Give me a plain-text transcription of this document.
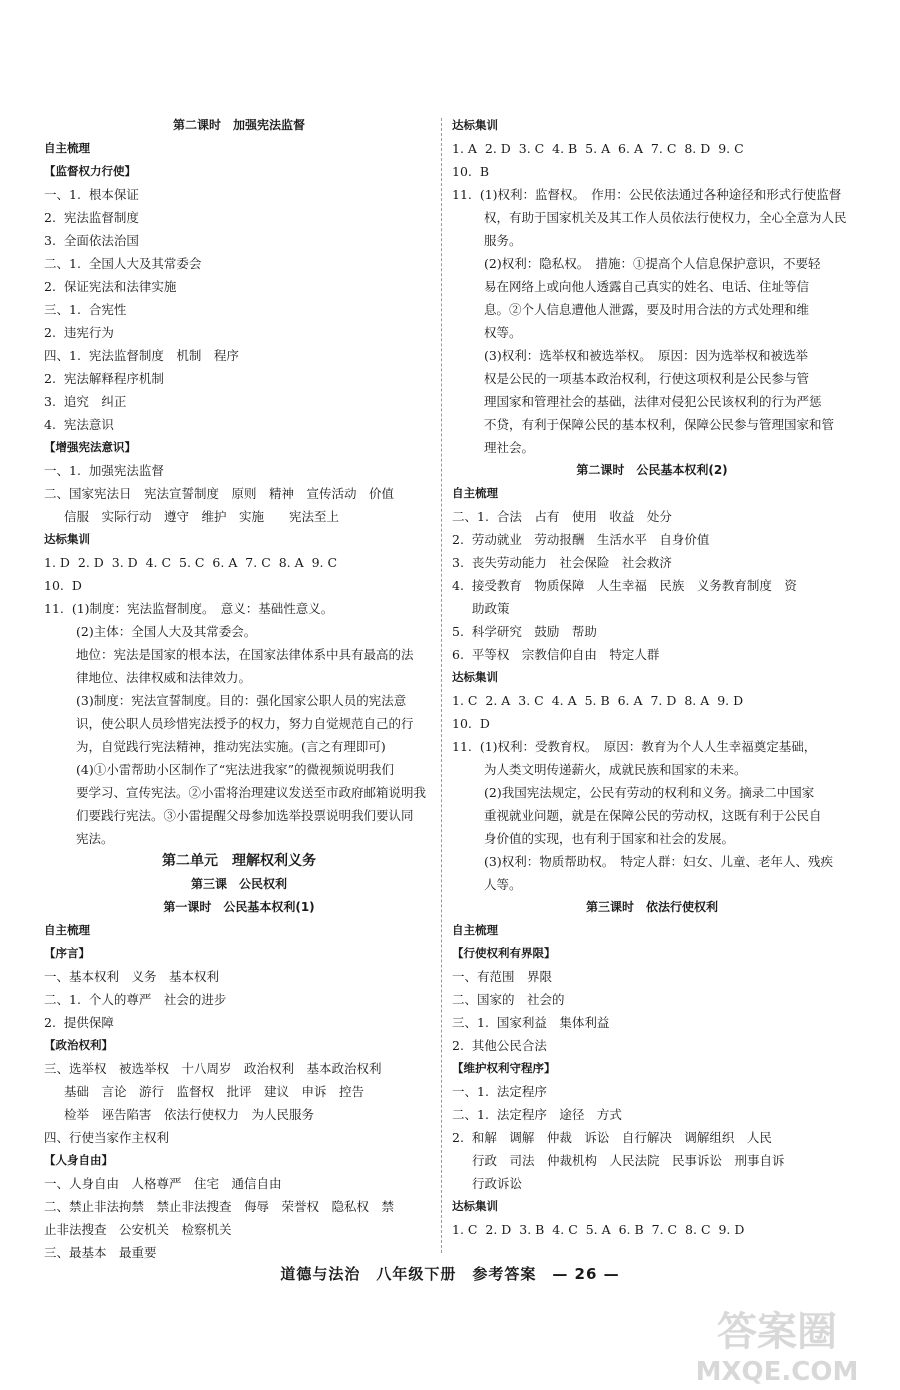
第二课时　加强宪法监督
自主梳理
【监督权力行使】
一、1.  根本保证
2.  宪法监督制度
3.  全面依法治国
二、1.  全国人大及其常委会
2.  保证宪法和法律实施
三、1.  合宪性
2.  违宪行为
四、1.  宪法监督制度　机制　程序
2.  宪法解释程序机制
3.  追究　纠正
4.  宪法意识
【增强宪法意识】
一、1.  加强宪法监督
二、国家宪法日　宪法宣誓制度　原则　精神　宣传活动　价值
信服　实际行动　遵守　维护　实施　　宪法至上
达标集训
1. D  2. D  3. D  4. C  5. C  6. A  7. C  8. A  9. C
10.  D
11.  (1)制度：宪法监督制度。　意义：基础性意义。
(2)主体：全国人大及其常委会。
地位：宪法是国家的根本法，在国家法律体系中具有最高的法
律地位、法律权威和法律效力。
(3)制度：宪法宣誓制度。目的：强化国家公职人员的宪法意
识，使公职人员珍惜宪法授予的权力，努力自觉规范自己的行
为，自觉践行宪法精神，推动宪法实施。(言之有理即可)
(4)①小雷帮助小区制作了“宪法进我家”的微视频说明我们
要学习、宣传宪法。②小雷将治理建议发送至市政府邮箱说明我
们要践行宪法。③小雷提醒父母参加选举投票说明我们要认同
宪法。
第二单元　理解权利义务
第三课　公民权利
第一课时　公民基本权利(1)
自主梳理
【序言】
一、基本权利　义务　基本权利
二、1.  个人的尊严　社会的进步
2.  提供保障
【政治权利】
三、选举权　被选举权　十八周岁　政治权利　基本政治权利
基础　言论　游行　监督权　批评　建议　申诉　控告
检举　诬告陷害　依法行使权力　为人民服务
四、行使当家作主权利
【人身自由】
一、人身自由　人格尊严　住宅　通信自由
二、禁止非法拘禁　禁止非法搜查　侮辱　荣誉权　隐私权　禁
止非法搜查　公安机关　检察机关
三、最基本　最重要
达标集训
1. A  2. D  3. C  4. B  5. A  6. A  7. C  8. D  9. C
10.  B
11.  (1)权利：监督权。　作用：公民依法通过各种途径和形式行使监督
权，有助于国家机关及其工作人员依法行使权力，全心全意为人民
服务。
(2)权利：隐私权。　措施：①提高个人信息保护意识，不要轻
易在网络上或向他人透露自己真实的姓名、电话、住址等信
息。②个人信息遭他人泄露，要及时用合法的方式处理和维
权等。
(3)权利：选举权和被选举权。　原因：因为选举权和被选举
权是公民的一项基本政治权利，行使这项权利是公民参与管
理国家和管理社会的基础，法律对侵犯公民该权利的行为严惩
不贷，有利于保障公民的基本权利，保障公民参与管理国家和管
理社会。
第二课时　公民基本权利(2)
自主梳理
二、1.  合法　占有　使用　收益　处分
2.  劳动就业　劳动报酬　生活水平　自身价值
3.  丧失劳动能力　社会保险　社会救济
4.  接受教育　物质保障　人生幸福　民族　义务教育制度　资
助政策
5.  科学研究　鼓励　帮助
6.  平等权　宗教信仰自由　特定人群
达标集训
1. C  2. A  3. C  4. A  5. B  6. A  7. D  8. A  9. D
10.  D
11.  (1)权利：受教育权。　原因：教育为个人人生幸福奠定基础，
为人类文明传递薪火，成就民族和国家的未来。
(2)我国宪法规定，公民有劳动的权利和义务。摘录二中国家
重视就业问题，就是在保障公民的劳动权，这既有利于公民自
身价值的实现，也有利于国家和社会的发展。
(3)权利：物质帮助权。　特定人群：妇女、儿童、老年人、残疾
人等。
第三课时　依法行使权利
自主梳理
【行使权利有界限】
一、有范围　界限
二、国家的　社会的
三、1.  国家利益　集体利益
2.  其他公民合法
【维护权利守程序】
一、1.  法定程序
二、1.  法定程序　途径　方式
2.  和解　调解　仲裁　诉讼　自行解决　调解组织　人民
行政　司法　仲裁机构　人民法院　民事诉讼　刑事自诉
行政诉讼
达标集训
1. C  2. D  3. B  4. C  5. A  6. B  7. C  8. C  9. D
道德与法治　八年级下册　参考答案　— 26 —
答案圈
MXQE.COM
